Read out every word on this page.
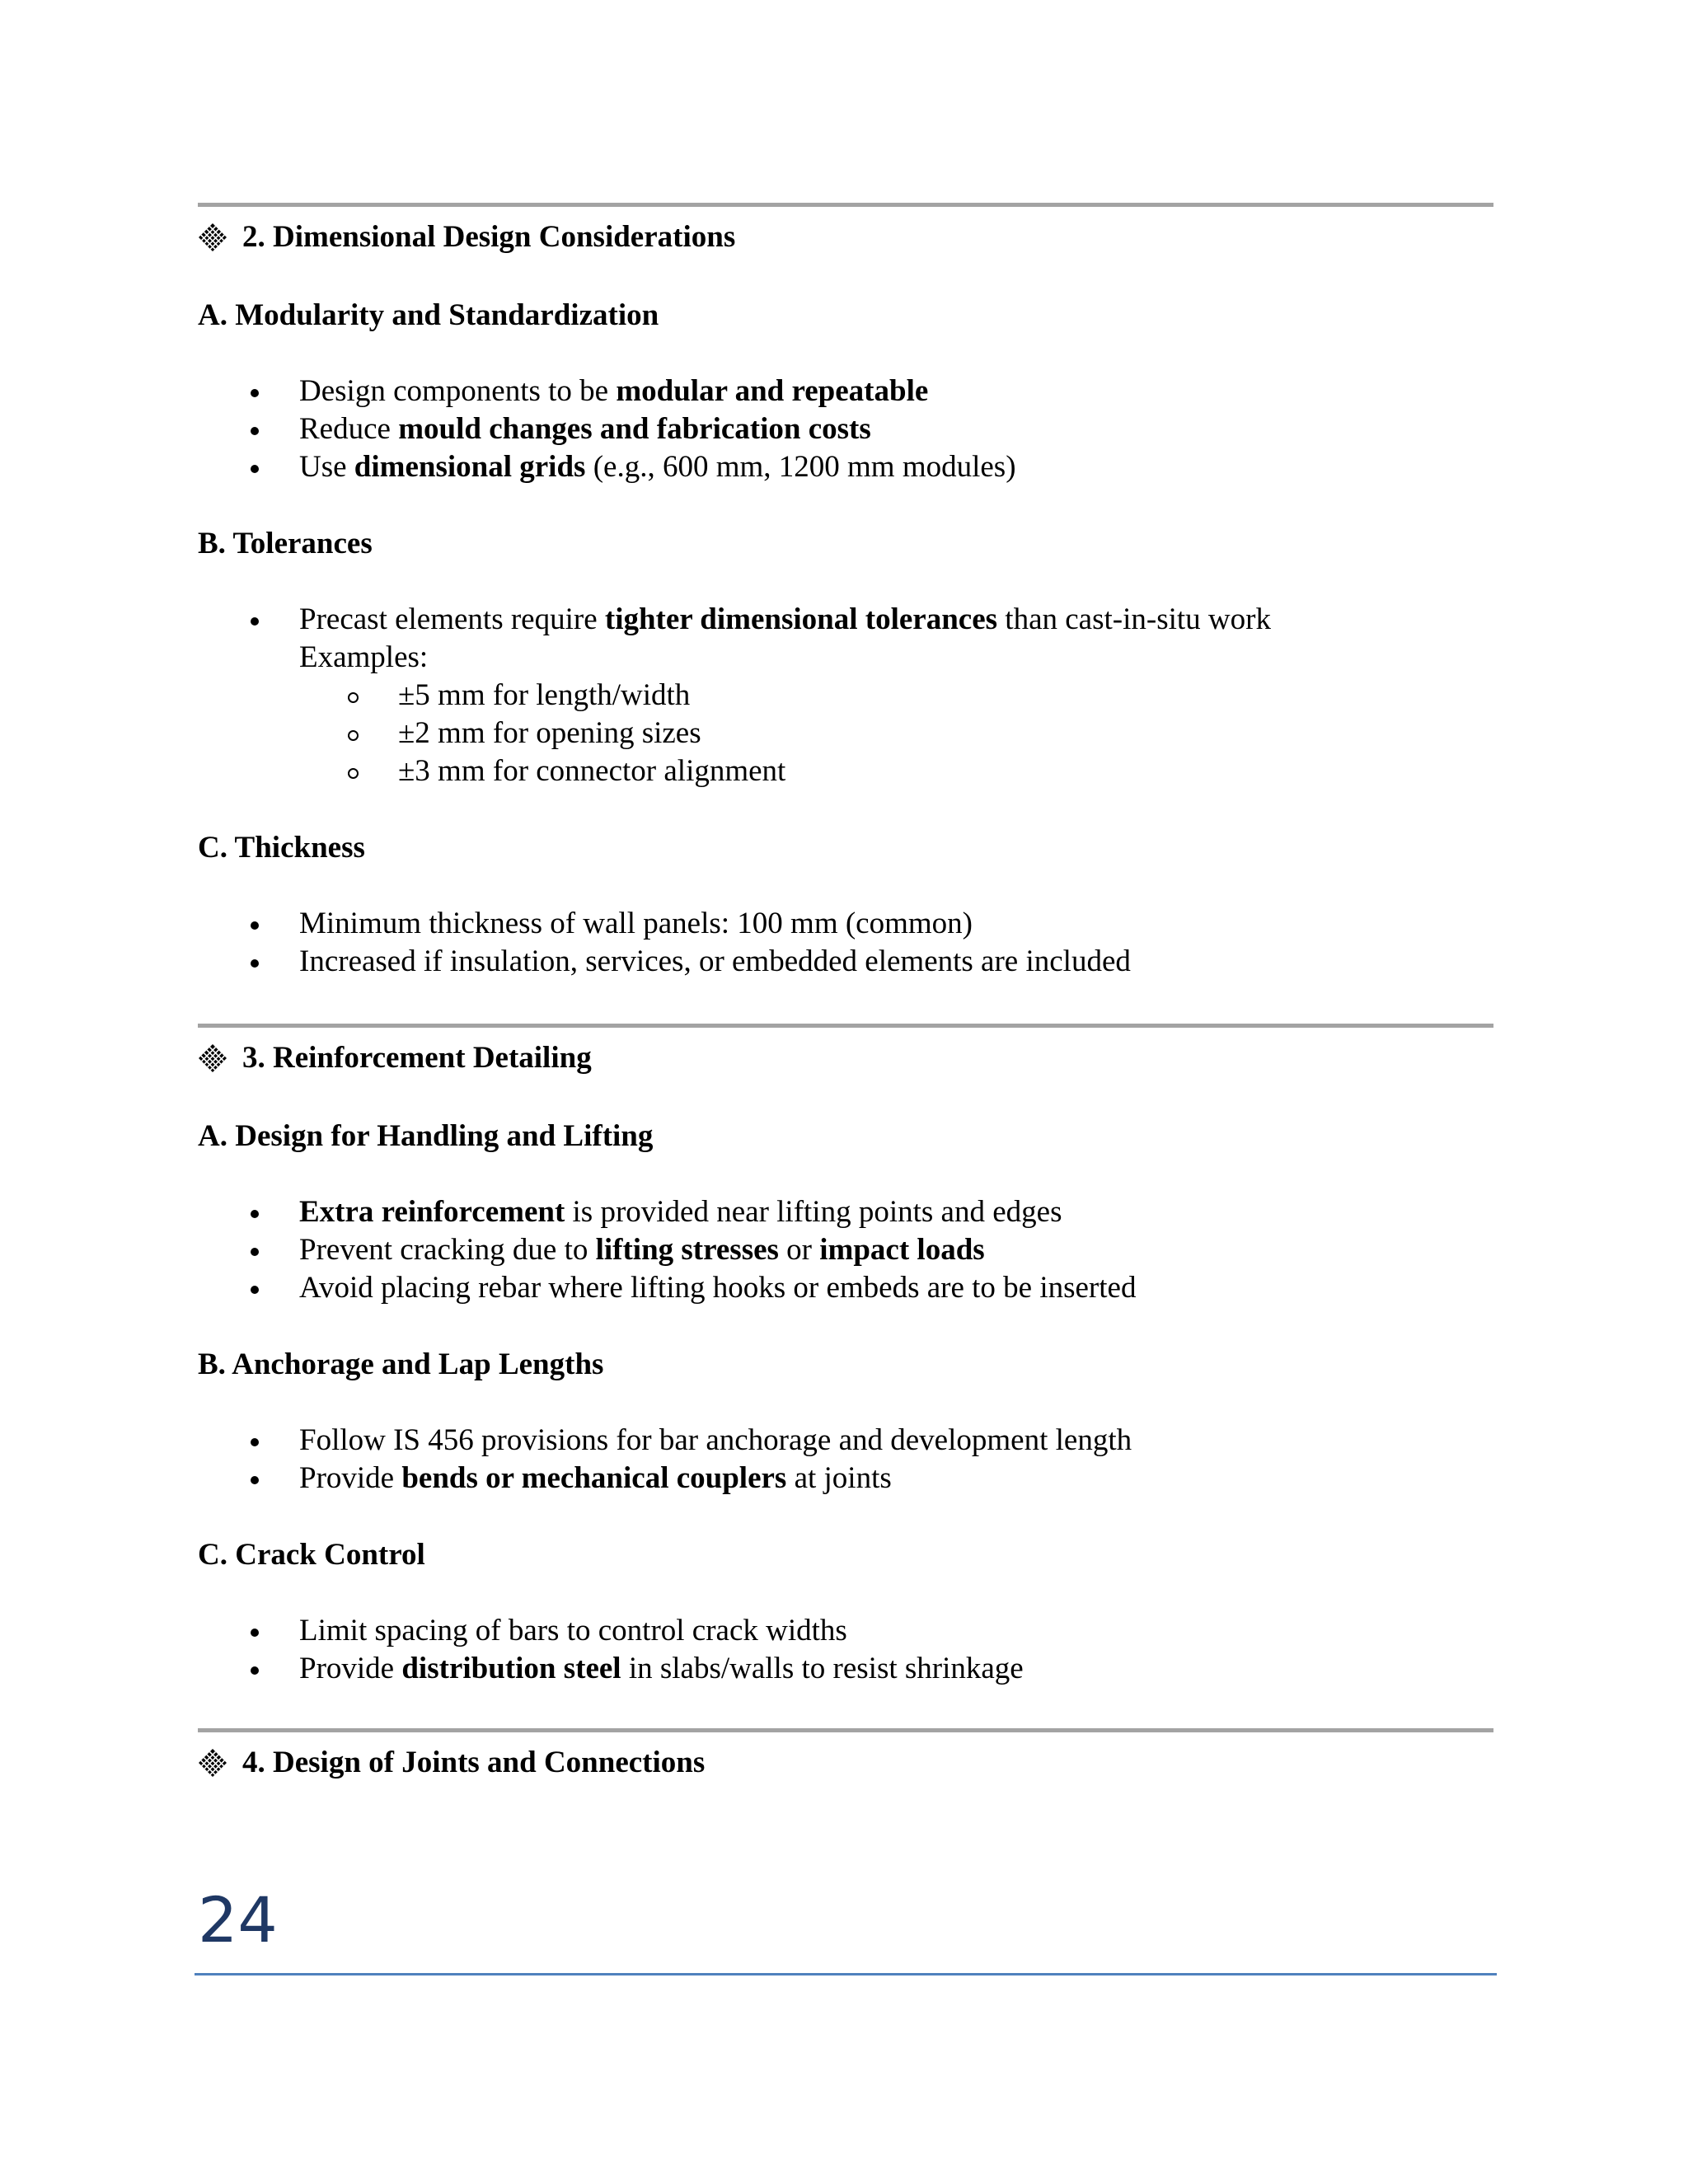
2. Dimensional Design Considerations
A. Modularity and Standardization
Design components to be modular and repeatable
Reduce mould changes and fabrication costs
Use dimensional grids (e.g., 600 mm, 1200 mm modules)
B. Tolerances
Precast elements require tighter dimensional tolerances than cast-in-situ work
Examples:
±5 mm for length/width
±2 mm for opening sizes
±3 mm for connector alignment
C. Thickness
Minimum thickness of wall panels: 100 mm (common)
Increased if insulation, services, or embedded elements are included
3. Reinforcement Detailing
A. Design for Handling and Lifting
Extra reinforcement is provided near lifting points and edges
Prevent cracking due to lifting stresses or impact loads
Avoid placing rebar where lifting hooks or embeds are to be inserted
B. Anchorage and Lap Lengths
Follow IS 456 provisions for bar anchorage and development length
Provide bends or mechanical couplers at joints
C. Crack Control
Limit spacing of bars to control crack widths
Provide distribution steel in slabs/walls to resist shrinkage
4. Design of Joints and Connections
24
